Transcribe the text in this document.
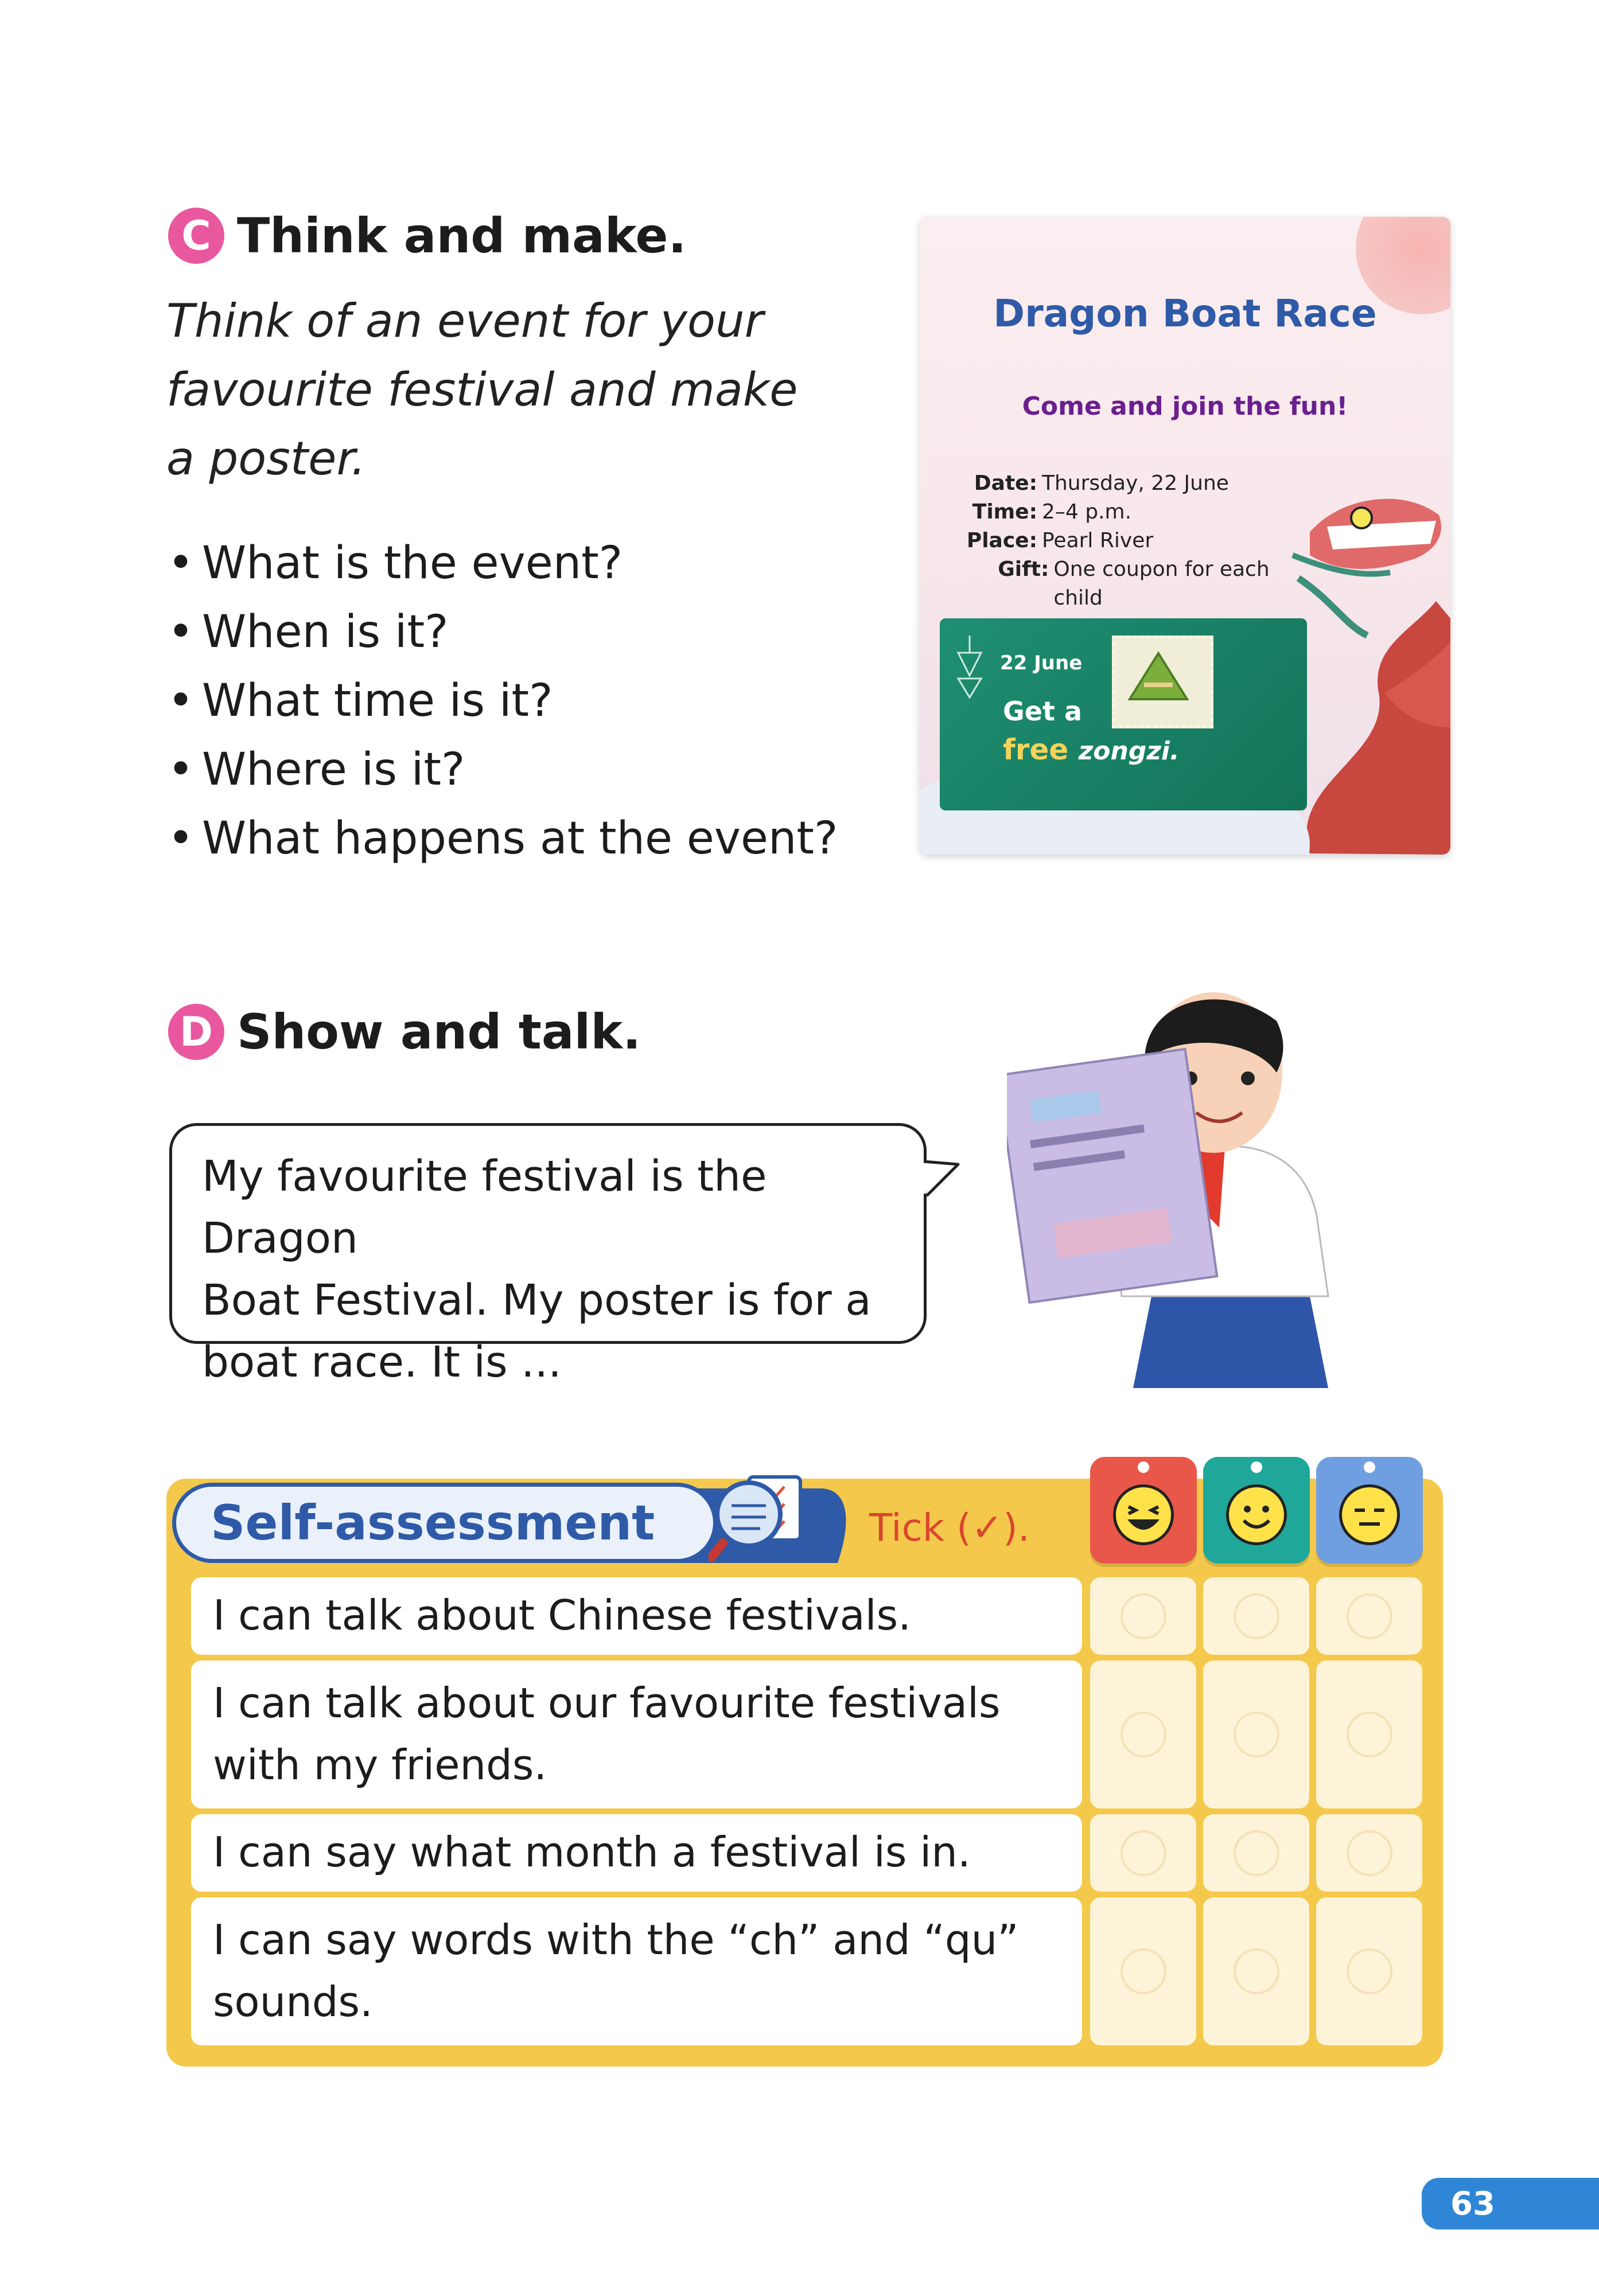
C Think and make.
Think of an event for your
favourite festival and make
a poster.
• What is the event?
• When is it?
• What time is it?
• Where is it?
• What happens at the event?
Dragon Boat Race
Come and join the fun!
Date: Thursday, 22 June
Time: 2–4 p.m.
Place: Pearl River
Gift: One coupon for each child
22 June
Get a
free zongzi.
D Show and talk.

My favourite festival is the Dragon

Boat Festival. My poster is for a

boat race. It is ...

Self-assessment	Tick (✓).
I can talk about Chinese festivals.
I can talk about our favourite festivals
with my friends.
I can say what month a festival is in.
I can say words with the “ch” and “qu”
sounds.
63
